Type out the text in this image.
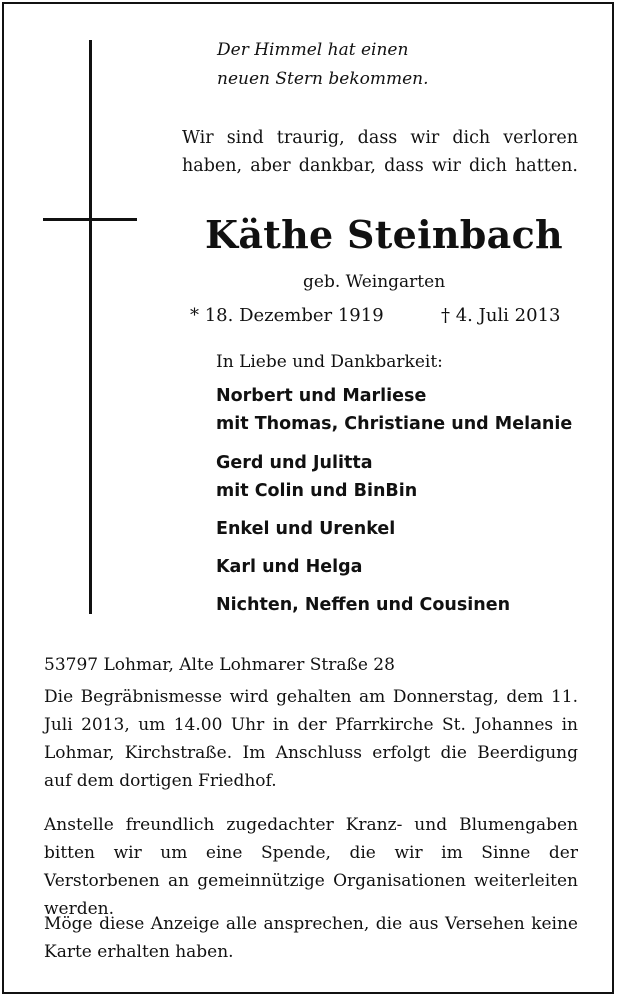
Der Himmel hat einen
neuen Stern bekommen.
Wir sind traurig, dass wir dich verloren
haben, aber dankbar, dass wir dich hatten.
Käthe Steinbach
geb. Weingarten
* 18. Dezember 1919	† 4. Juli 2013
In Liebe und Dankbarkeit:
Norbert und Marliese
mit Thomas, Christiane und Melanie
Gerd und Julitta
mit Colin und BinBin
Enkel und Urenkel
Karl und Helga
Nichten, Neffen und Cousinen
53797 Lohmar, Alte Lohmarer Straße 28
Die Begräbnismesse wird gehalten am Donnerstag, dem 11. Juli 2013, um 14.00 Uhr in der Pfarrkirche St. Johannes in Lohmar, Kirchstraße. Im Anschluss erfolgt die Beerdigung auf dem dortigen Friedhof.
Anstelle freundlich zugedachter Kranz- und Blumengaben bitten wir um eine Spende, die wir im Sinne der Verstorbenen an gemeinnützige Organisationen weiterleiten werden.
Möge diese Anzeige alle ansprechen, die aus Versehen keine Karte erhalten haben.
